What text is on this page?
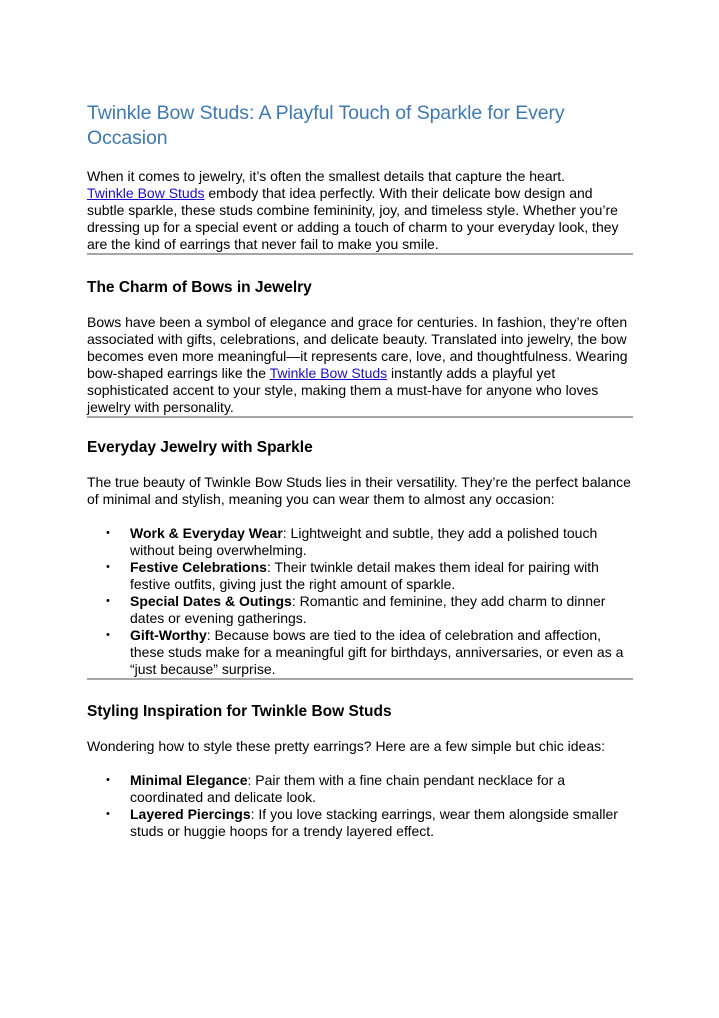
Twinkle Bow Studs: A Playful Touch of Sparkle for Every Occasion

When it comes to jewelry, it’s often the smallest details that capture the heart.
Twinkle Bow Studs embody that idea perfectly. With their delicate bow design and subtle sparkle, these studs combine femininity, joy, and timeless style. Whether you’re dressing up for a special event or adding a touch of charm to your everyday look, they are the kind of earrings that never fail to make you smile.

The Charm of Bows in Jewelry

Bows have been a symbol of elegance and grace for centuries. In fashion, they’re often associated with gifts, celebrations, and delicate beauty. Translated into jewelry, the bow becomes even more meaningful—it represents care, love, and thoughtfulness. Wearing bow-shaped earrings like the Twinkle Bow Studs instantly adds a playful yet sophisticated accent to your style, making them a must-have for anyone who loves jewelry with personality.

Everyday Jewelry with Sparkle

The true beauty of Twinkle Bow Studs lies in their versatility. They’re the perfect balance of minimal and stylish, meaning you can wear them to almost any occasion:

• Work & Everyday Wear: Lightweight and subtle, they add a polished touch without being overwhelming.
• Festive Celebrations: Their twinkle detail makes them ideal for pairing with festive outfits, giving just the right amount of sparkle.
• Special Dates & Outings: Romantic and feminine, they add charm to dinner dates or evening gatherings.
• Gift-Worthy: Because bows are tied to the idea of celebration and affection, these studs make for a meaningful gift for birthdays, anniversaries, or even as a “just because” surprise.
Styling Inspiration for Twinkle Bow Studs

Wondering how to style these pretty earrings? Here are a few simple but chic ideas:

• Minimal Elegance: Pair them with a fine chain pendant necklace for a coordinated and delicate look.
• Layered Piercings: If you love stacking earrings, wear them alongside smaller studs or huggie hoops for a trendy layered effect.
